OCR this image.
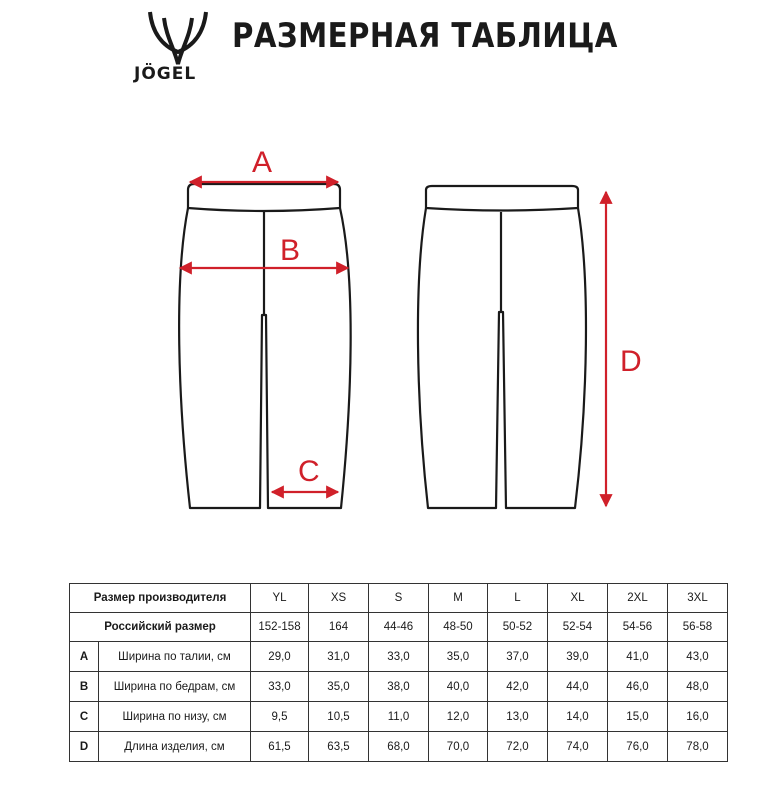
JÖGEL
РАЗМЕРНАЯ ТАБЛИЦА
A
B
C
D
Размер производителя		YL	XS	S	M	L	XL	2XL	3XL
Российский размер		152-158	164	44-46	48-50	50-52	52-54	54-56	56-58
A	Ширина по талии, см	29,0	31,0	33,0	35,0	37,0	39,0	41,0	43,0
B	Ширина по бедрам, см	33,0	35,0	38,0	40,0	42,0	44,0	46,0	48,0
C	Ширина по низу, см	9,5	10,5	11,0	12,0	13,0	14,0	15,0	16,0
D	Длина изделия, см	61,5	63,5	68,0	70,0	72,0	74,0	76,0	78,0
